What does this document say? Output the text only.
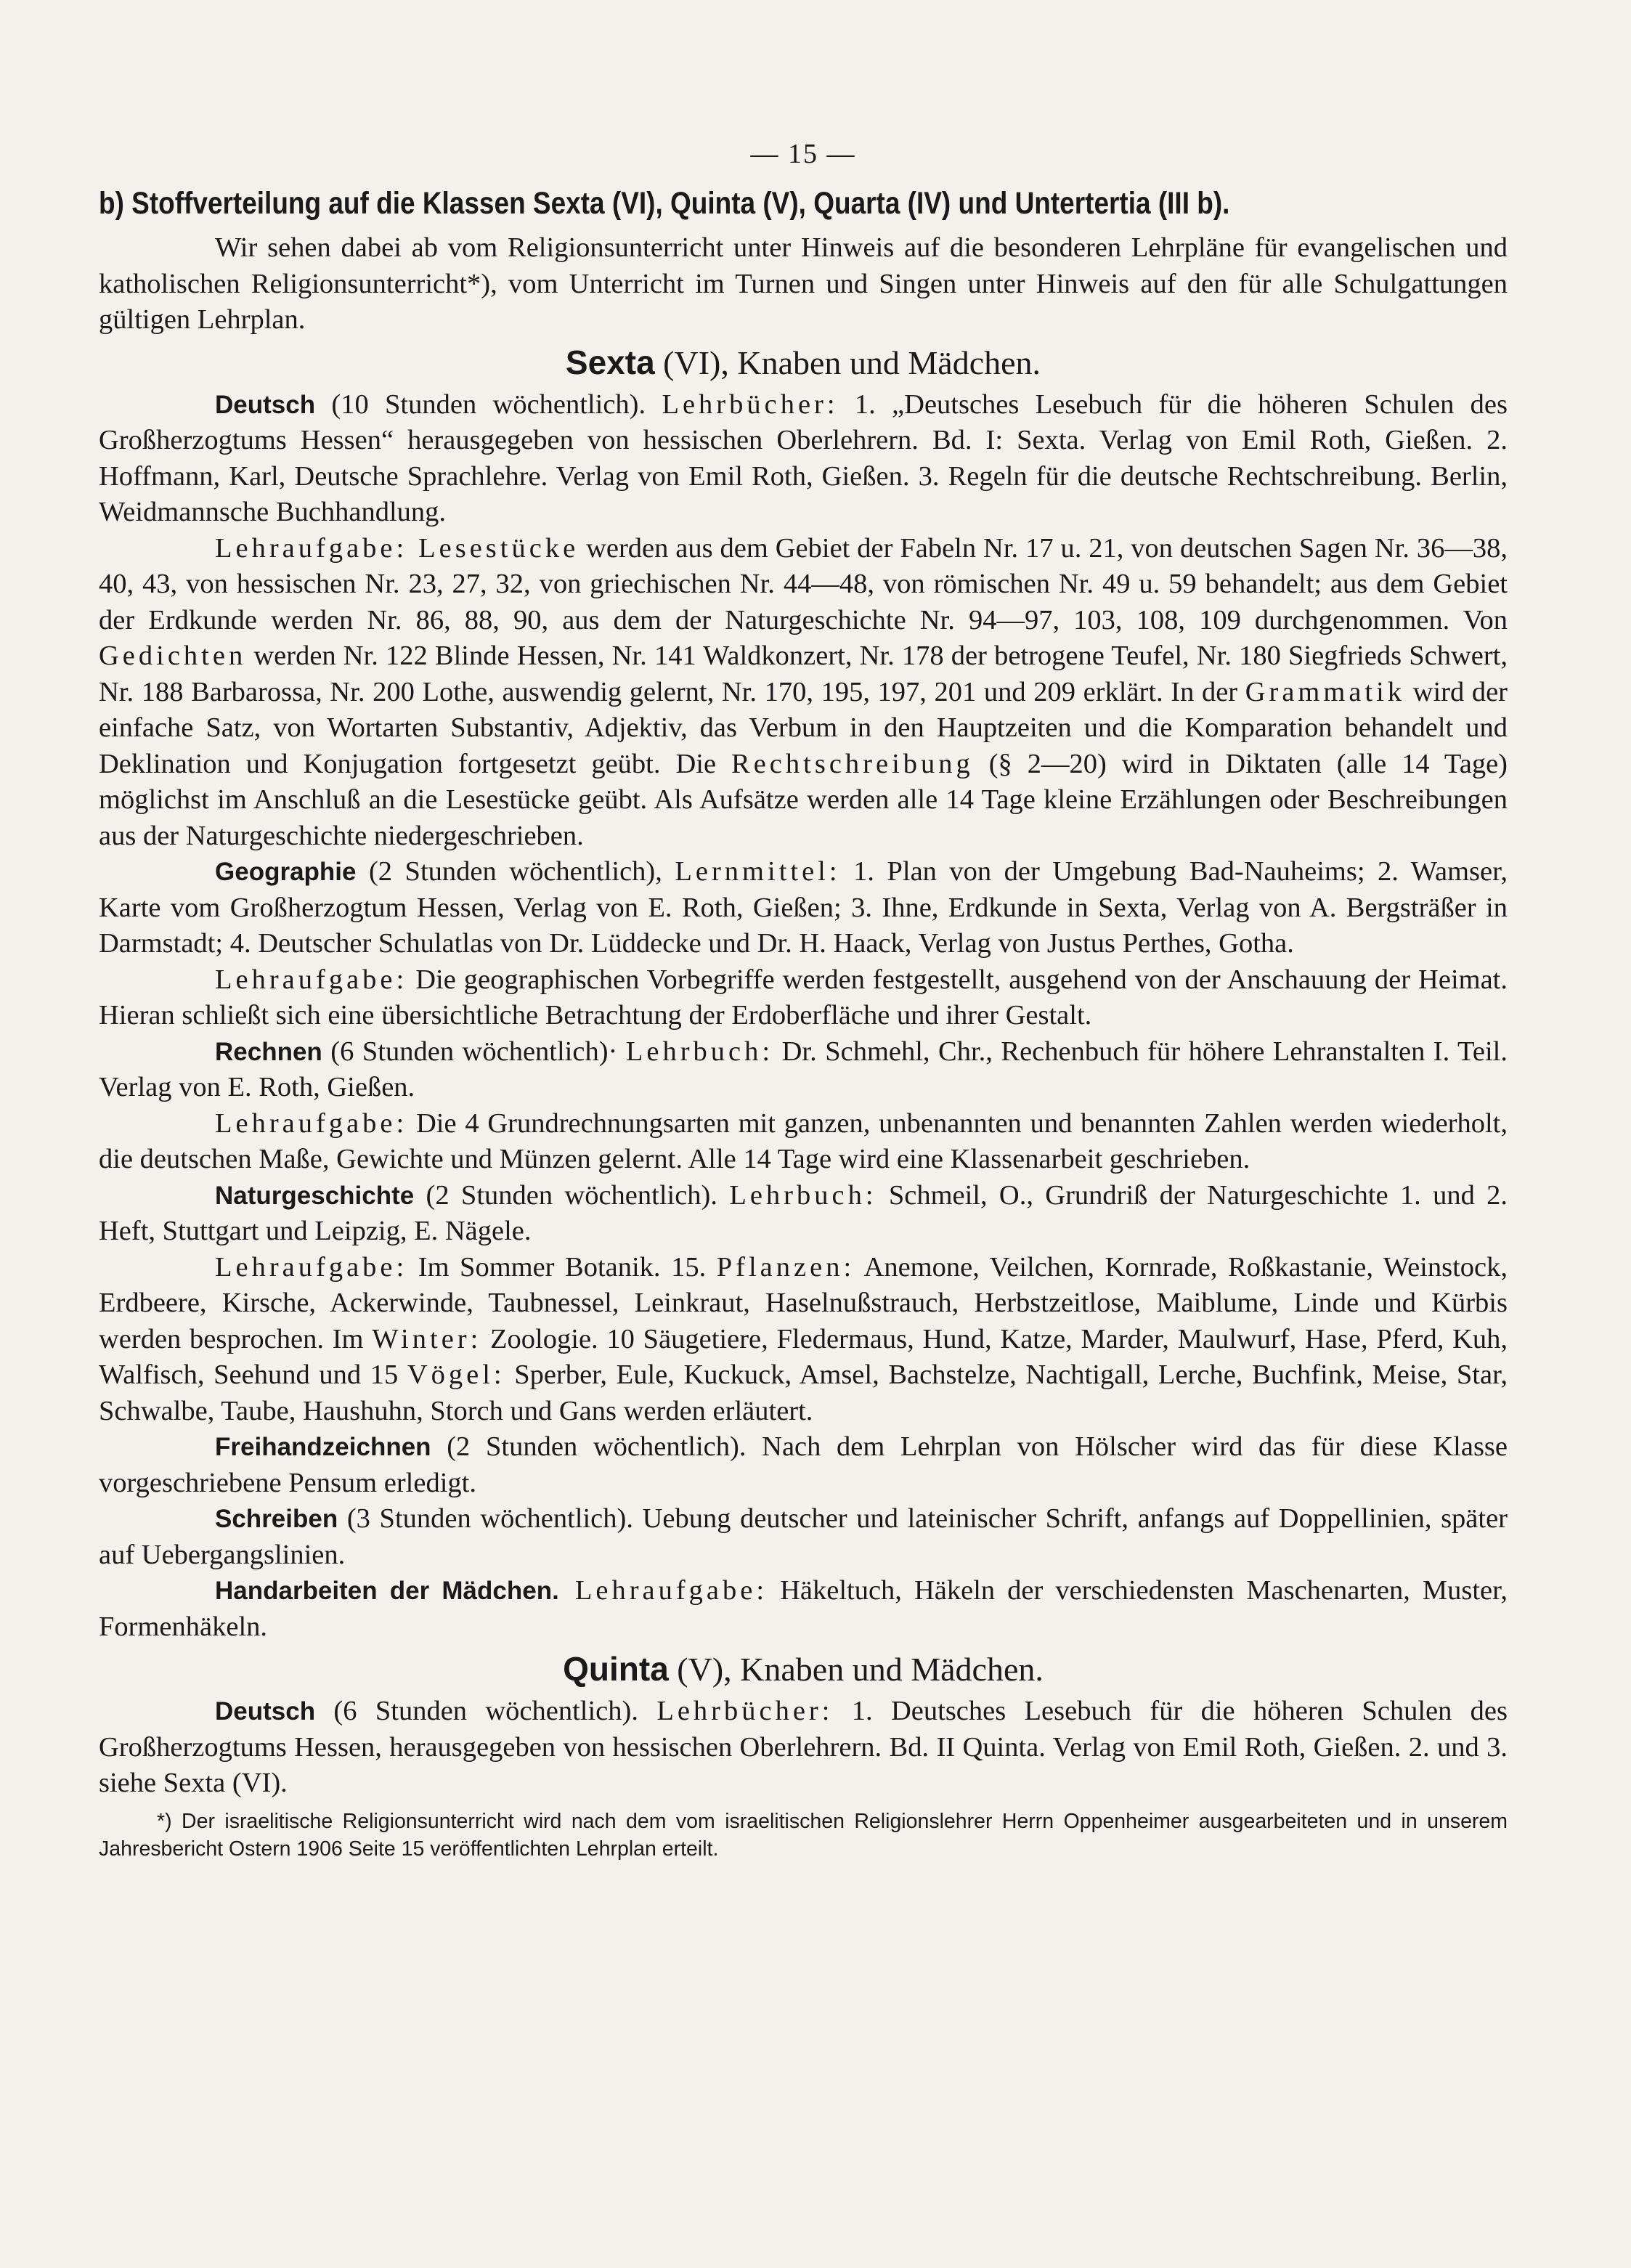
— 15 —
b) Stoffverteilung auf die Klassen Sexta (VI), Quinta (V), Quarta (IV) und Untertertia (III b).

Wir sehen dabei ab vom Religionsunterricht unter Hinweis auf die besonderen Lehrpläne für evangelischen und katholischen Religionsunterricht*), vom Unterricht im Turnen und Singen unter Hinweis auf den für alle Schulgattungen gültigen Lehrplan.

Sexta (VI), Knaben und Mädchen.

Deutsch (10 Stunden wöchentlich). Lehrbücher: 1. „Deutsches Lesebuch für die höheren Schulen des Großherzogtums Hessen“ herausgegeben von hessischen Oberlehrern. Bd. I: Sexta. Verlag von Emil Roth, Gießen. 2. Hoffmann, Karl, Deutsche Sprachlehre. Verlag von Emil Roth, Gießen. 3. Regeln für die deutsche Rechtschreibung. Berlin, Weidmannsche Buchhandlung.

Lehraufgabe: Lesestücke werden aus dem Gebiet der Fabeln Nr. 17 u. 21, von deutschen Sagen Nr. 36—38, 40, 43, von hessischen Nr. 23, 27, 32, von griechischen Nr. 44—48, von römischen Nr. 49 u. 59 behandelt; aus dem Gebiet der Erdkunde werden Nr. 86, 88, 90, aus dem der Naturgeschichte Nr. 94—97, 103, 108, 109 durchgenommen. Von Gedichten werden Nr. 122 Blinde Hessen, Nr. 141 Waldkonzert, Nr. 178 der betrogene Teufel, Nr. 180 Siegfrieds Schwert, Nr. 188 Barbarossa, Nr. 200 Lothe, auswendig gelernt, Nr. 170, 195, 197, 201 und 209 erklärt. In der Grammatik wird der einfache Satz, von Wortarten Substantiv, Adjektiv, das Verbum in den Hauptzeiten und die Komparation behandelt und Deklination und Konjugation fortgesetzt geübt. Die Rechtschreibung (§ 2—20) wird in Diktaten (alle 14 Tage) möglichst im Anschluß an die Lesestücke geübt. Als Aufsätze werden alle 14 Tage kleine Erzählungen oder Beschreibungen aus der Naturgeschichte niedergeschrieben.

Geographie (2 Stunden wöchentlich), Lernmittel: 1. Plan von der Umgebung Bad-Nauheims; 2. Wamser, Karte vom Großherzogtum Hessen, Verlag von E. Roth, Gießen; 3. Ihne, Erdkunde in Sexta, Verlag von A. Bergsträßer in Darmstadt; 4. Deutscher Schulatlas von Dr. Lüddecke und Dr. H. Haack, Verlag von Justus Perthes, Gotha.

Lehraufgabe: Die geographischen Vorbegriffe werden festgestellt, ausgehend von der Anschauung der Heimat. Hieran schließt sich eine übersichtliche Betrachtung der Erdoberfläche und ihrer Gestalt.

Rechnen (6 Stunden wöchentlich)· Lehrbuch: Dr. Schmehl, Chr., Rechenbuch für höhere Lehranstalten I. Teil. Verlag von E. Roth, Gießen.

Lehraufgabe: Die 4 Grundrechnungsarten mit ganzen, unbenannten und benannten Zahlen werden wiederholt, die deutschen Maße, Gewichte und Münzen gelernt. Alle 14 Tage wird eine Klassenarbeit geschrieben.

Naturgeschichte (2 Stunden wöchentlich). Lehrbuch: Schmeil, O., Grundriß der Naturgeschichte 1. und 2. Heft, Stuttgart und Leipzig, E. Nägele.

Lehraufgabe: Im Sommer Botanik. 15. Pflanzen: Anemone, Veilchen, Kornrade, Roßkastanie, Weinstock, Erdbeere, Kirsche, Ackerwinde, Taubnessel, Leinkraut, Haselnußstrauch, Herbstzeitlose, Maiblume, Linde und Kürbis werden besprochen. Im Winter: Zoologie. 10 Säugetiere, Fledermaus, Hund, Katze, Marder, Maulwurf, Hase, Pferd, Kuh, Walfisch, Seehund und 15 Vögel: Sperber, Eule, Kuckuck, Amsel, Bachstelze, Nachtigall, Lerche, Buchfink, Meise, Star, Schwalbe, Taube, Haushuhn, Storch und Gans werden erläutert.

Freihandzeichnen (2 Stunden wöchentlich). Nach dem Lehrplan von Hölscher wird das für diese Klasse vorgeschriebene Pensum erledigt.

Schreiben (3 Stunden wöchentlich). Uebung deutscher und lateinischer Schrift, anfangs auf Doppellinien, später auf Uebergangslinien.

Handarbeiten der Mädchen. Lehraufgabe: Häkeltuch, Häkeln der verschiedensten Maschenarten, Muster, Formenhäkeln.

Quinta (V), Knaben und Mädchen.

Deutsch (6 Stunden wöchentlich). Lehrbücher: 1. Deutsches Lesebuch für die höheren Schulen des Großherzogtums Hessen, herausgegeben von hessischen Oberlehrern. Bd. II Quinta. Verlag von Emil Roth, Gießen. 2. und 3. siehe Sexta (VI).

*) Der israelitische Religionsunterricht wird nach dem vom israelitischen Religionslehrer Herrn Oppenheimer ausgearbeiteten und in unserem Jahresbericht Ostern 1906 Seite 15 veröffentlichten Lehrplan erteilt.
